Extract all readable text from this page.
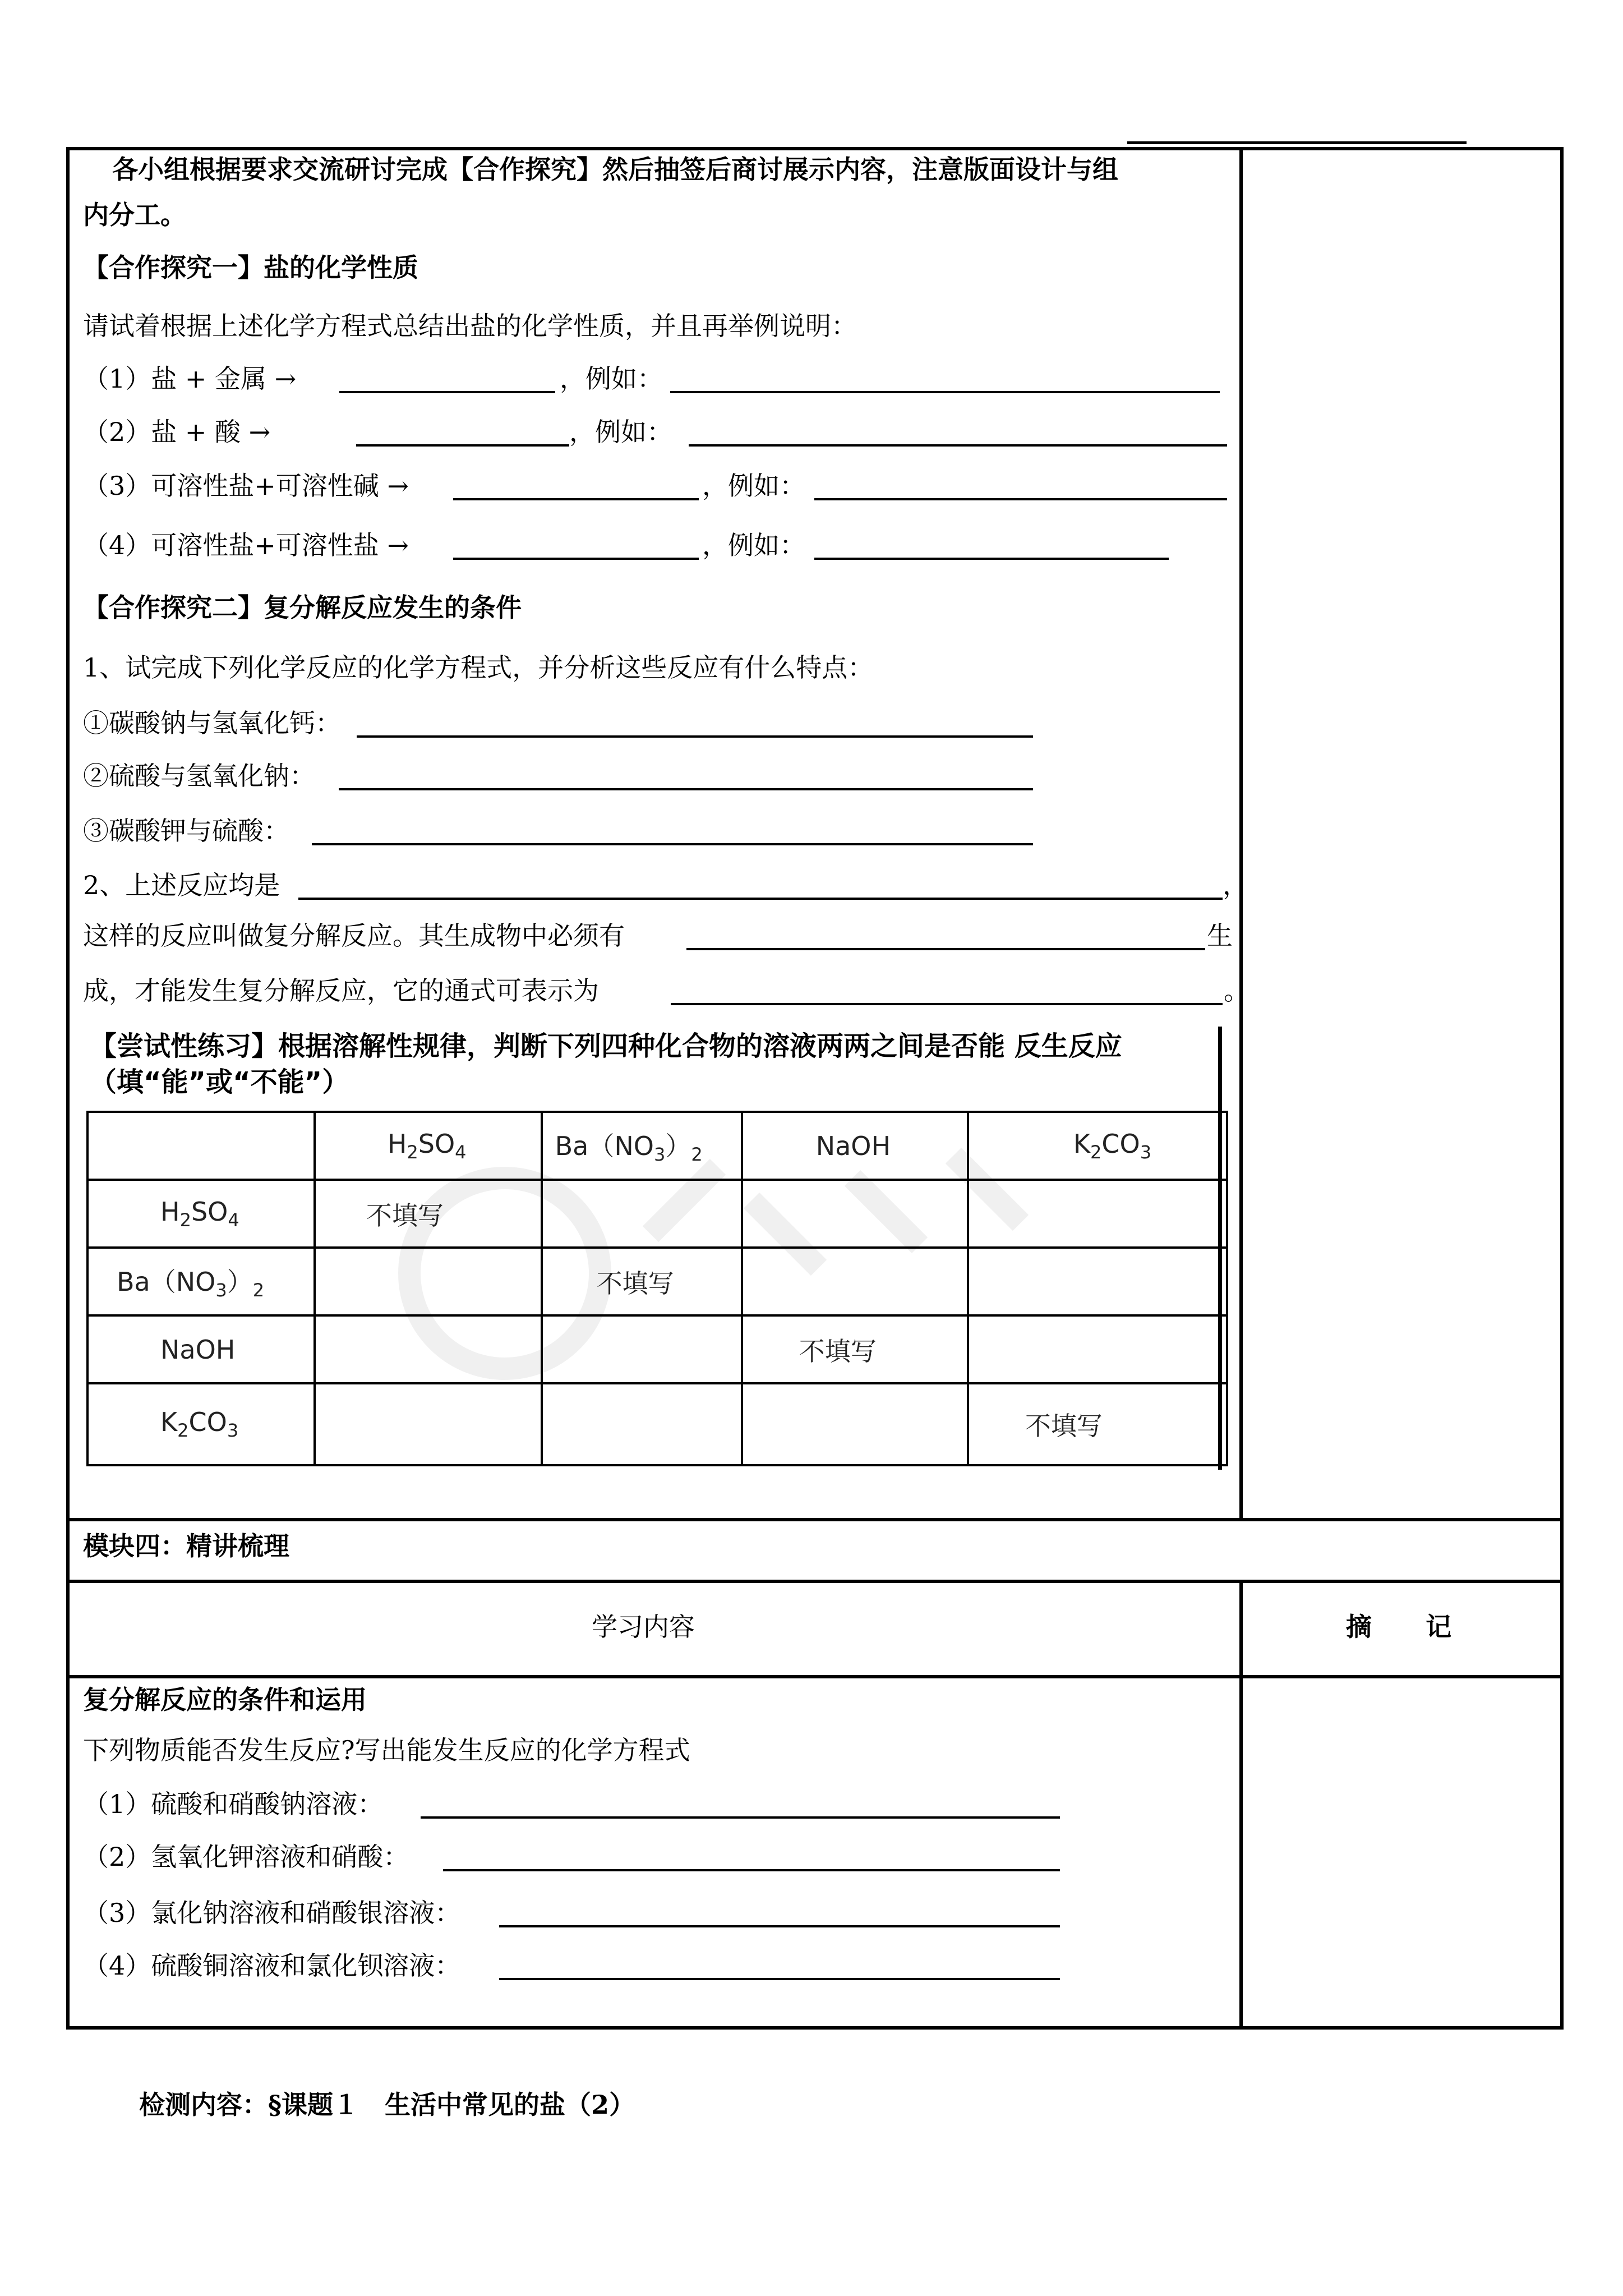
各小组根据要求交流研讨完成【合作探究】然后抽签后商讨展示内容，注意版面设计与组
内分工。
【合作探究一】盐的化学性质
请试着根据上述化学方程式总结出盐的化学性质，并且再举例说明：
（1）盐 + 金属 →	，例如：
（2）盐 + 酸 →	，例如：
（3）可溶性盐+可溶性碱 →	，例如：
（4）可溶性盐+可溶性盐 →	，例如：
【合作探究二】复分解反应发生的条件
1、试完成下列化学反应的化学方程式，并分析这些反应有什么特点：
①碳酸钠与氢氧化钙：
②硫酸与氢氧化钠：
③碳酸钾与硫酸：
2、上述反应均是	，
这样的反应叫做复分解反应。其生成物中必须有	生
成，才能发生复分解反应，它的通式可表示为	。
【尝试性练习】根据溶解性规律，判断下列四种化合物的溶液两两之间是否能 反生反应
（填“能”或“不能”）
	$H_2SO_4$	$Ba(NO_3)_2$	NaOH	$K_2CO_3$
$H_2SO_4$	不填写			
$Ba(NO_3)_2$		不填写		
NaOH			不填写	
$K_2CO_3$				不填写
模块四：精讲梳理
学习内容	摘      记
复分解反应的条件和运用
下列物质能否发生反应?写出能发生反应的化学方程式
（1）硫酸和硝酸钠溶液：
（2）氢氧化钾溶液和硝酸：
（3）氯化钠溶液和硝酸银溶液：
（4）硫酸铜溶液和氯化钡溶液：
检测内容：§课题１　生活中常见的盐（2）
